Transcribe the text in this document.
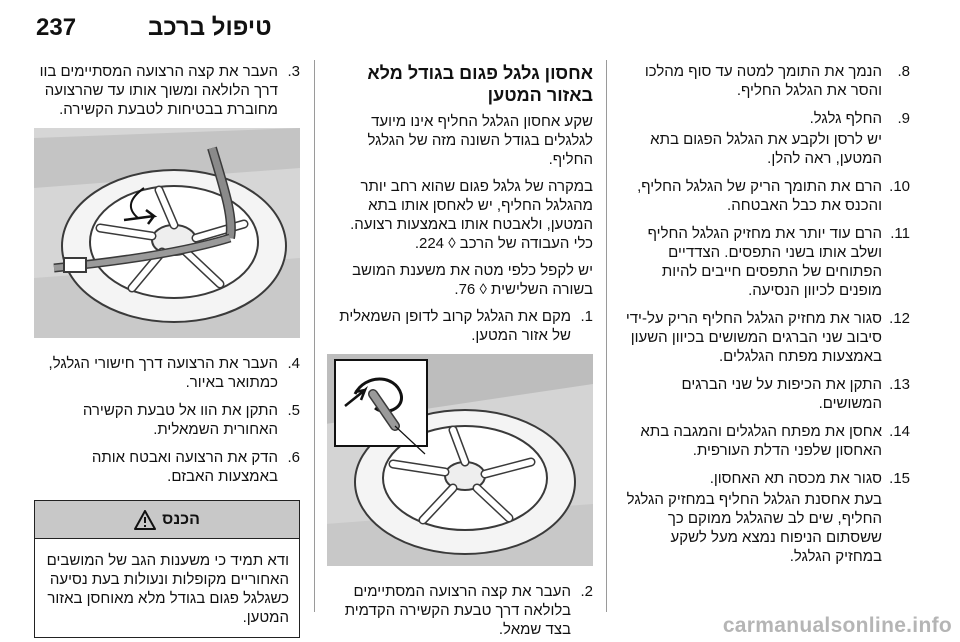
237	טיפול ברכב
3.
העבר את קצה הרצועה המסתיימים בוו דרך הלולאה ומשוך אותו עד שהרצועה מחוברת בבטיחות לטבעת הקשירה.
4.
העבר את הרצועה דרך חישורי הגלגל, כמתואר באיור.
5.
התקן את הוו אל טבעת הקשירה האחורית השמאלית.
6.
הדק את הרצועה ואבטח אותה באמצעות האבזם.
הכנס
ודא תמיד כי משענות הגב של המושבים האחוריים מקופלות ונעולות בעת נסיעה כשגלגל פגום בגודל מלא מאוחסן באזור המטען.
אחסון גלגל פגום בגודל מלא באזור המטען

שקע אחסון הגלגל החליף אינו מיועד לגלגלים בגודל השונה מזה של הגלגל החליף.

במקרה של גלגל פגום שהוא רחב יותר מהגלגל החליף, יש לאחסן אותו בתא המטען, ולאבטח אותו באמצעות רצועה.

כלי העבודה של הרכב ◊ 224.

יש לקפל כלפי מטה את משענת המושב בשורה השלישית ◊ 76.

1.
מקם את הגלגל קרוב לדופן השמאלית של אזור המטען.
2.
העבר את קצה הרצועה המסתיימים בלולאה דרך טבעת הקשירה הקדמית בצד שמאל.
8.
הנמך את התומך למטה עד סוף מהלכו והסר את הגלגל החליף.
9.
החלף גלגל.
יש לרסן ולקבע את הגלגל הפגום בתא המטען, ראה להלן.
10.
הרם את התומך הריק של הגלגל החליף, והכנס את כבל האבטחה.
11.
הרם עוד יותר את מחזיק הגלגל החליף ושלב אותו בשני התפסים. הצדדיים הפתוחים של התפסים חייבים להיות מופנים לכיוון הנסיעה.
12.
סגור את מחזיק הגלגל החליף הריק על-ידי סיבוב שני הברגים המשושים בכיוון השעון באמצעות מפתח הגלגלים.
13.
התקן את הכיפות על שני הברגים המשושים.
14.
אחסן את מפתח הגלגלים והמגבה בתא האחסון שלפני הדלת העורפית.
15.
סגור את מכסה תא האחסון.
בעת אחסנת הגלגל החליף במחזיק הגלגל החליף, שים לב שהגלגל ממוקם כך ששסתום הניפוח נמצא מעל לשקע במחזיק הגלגל.
carmanualsonline.info
